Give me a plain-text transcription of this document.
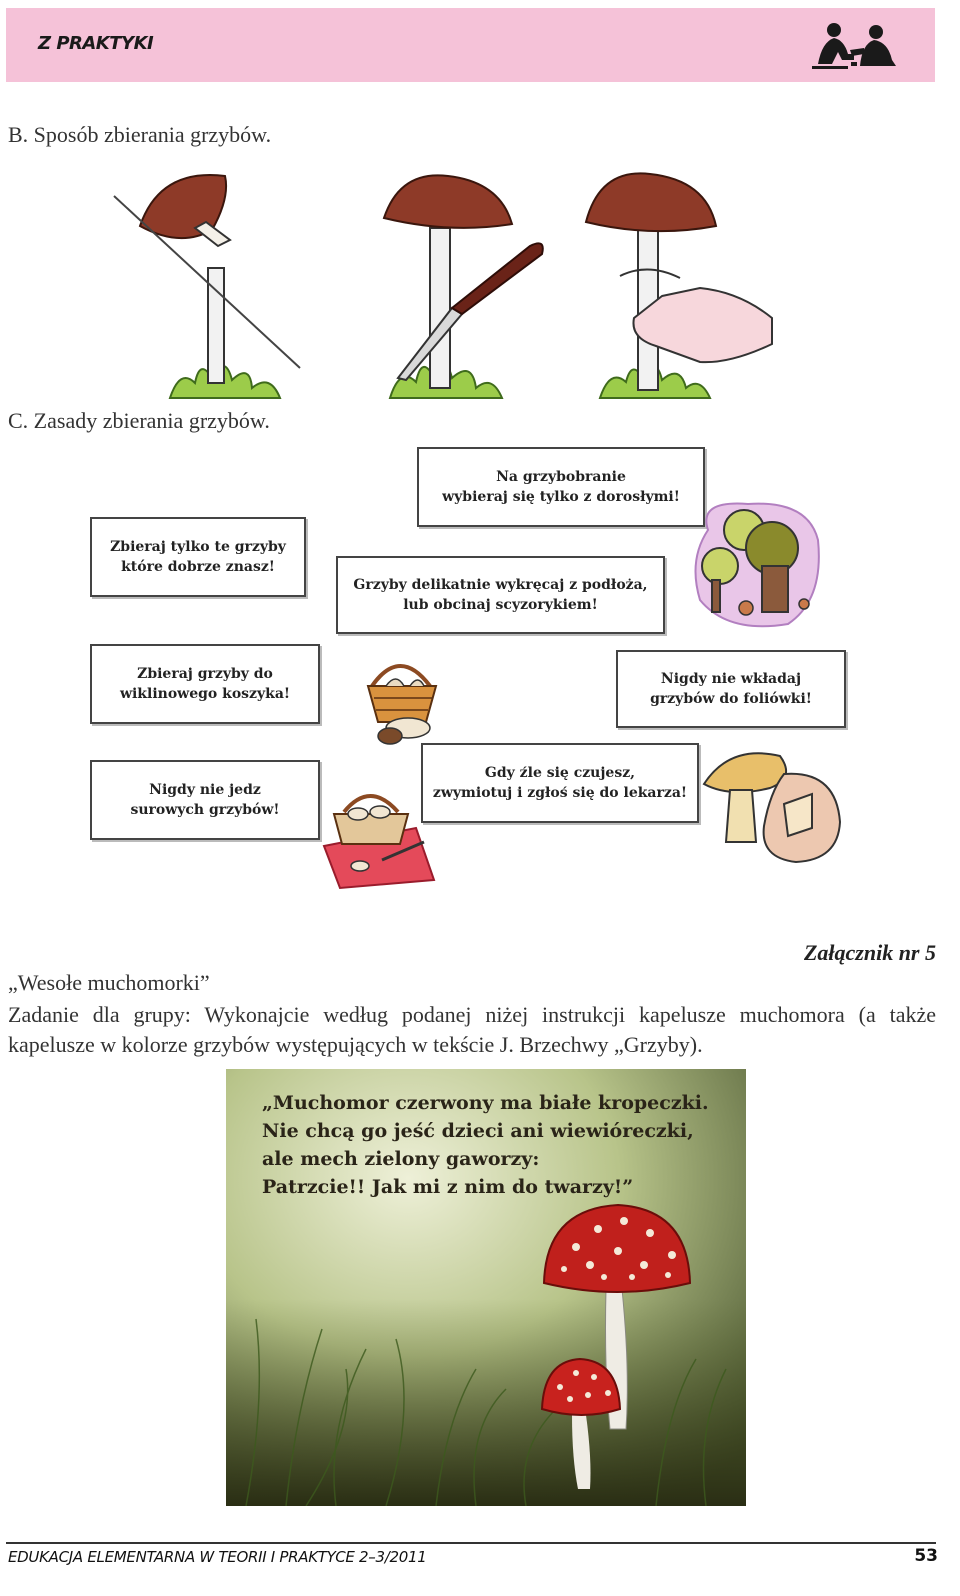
Z PRAKTYKI
B. Sposób zbierania grzybów.
C. Zasady zbierania grzybów.
Na grzybobranie
wybieraj się tylko z dorosłymi!
Zbieraj tylko te grzyby
które dobrze znasz!
Grzyby delikatnie wykręcaj z podłoża,
lub obcinaj scyzorykiem!
Zbieraj grzyby do
wiklinowego koszyka!
Nigdy nie wkładaj
grzybów do foliówki!
Nigdy nie jedz
surowych grzybów!
Gdy źle się czujesz,
zwymiotuj i zgłoś się do lekarza!
Załącznik nr 5
„Wesołe muchomorki”
Zadanie dla grupy: Wykonajcie według podanej niżej instrukcji kapelusze muchomora (a także kapelusze w kolorze grzybów występujących w tekście J. Brzechwy „Grzyby).
„Muchomor czerwony ma białe kropeczki.
Nie chcą go jeść dzieci ani wiewióreczki,
ale mech zielony gaworzy:
Patrzcie!! Jak mi z nim do twarzy!”
EDUKACJA ELEMENTARNA W TEORII I PRAKTYCE 2–3/2011	53
